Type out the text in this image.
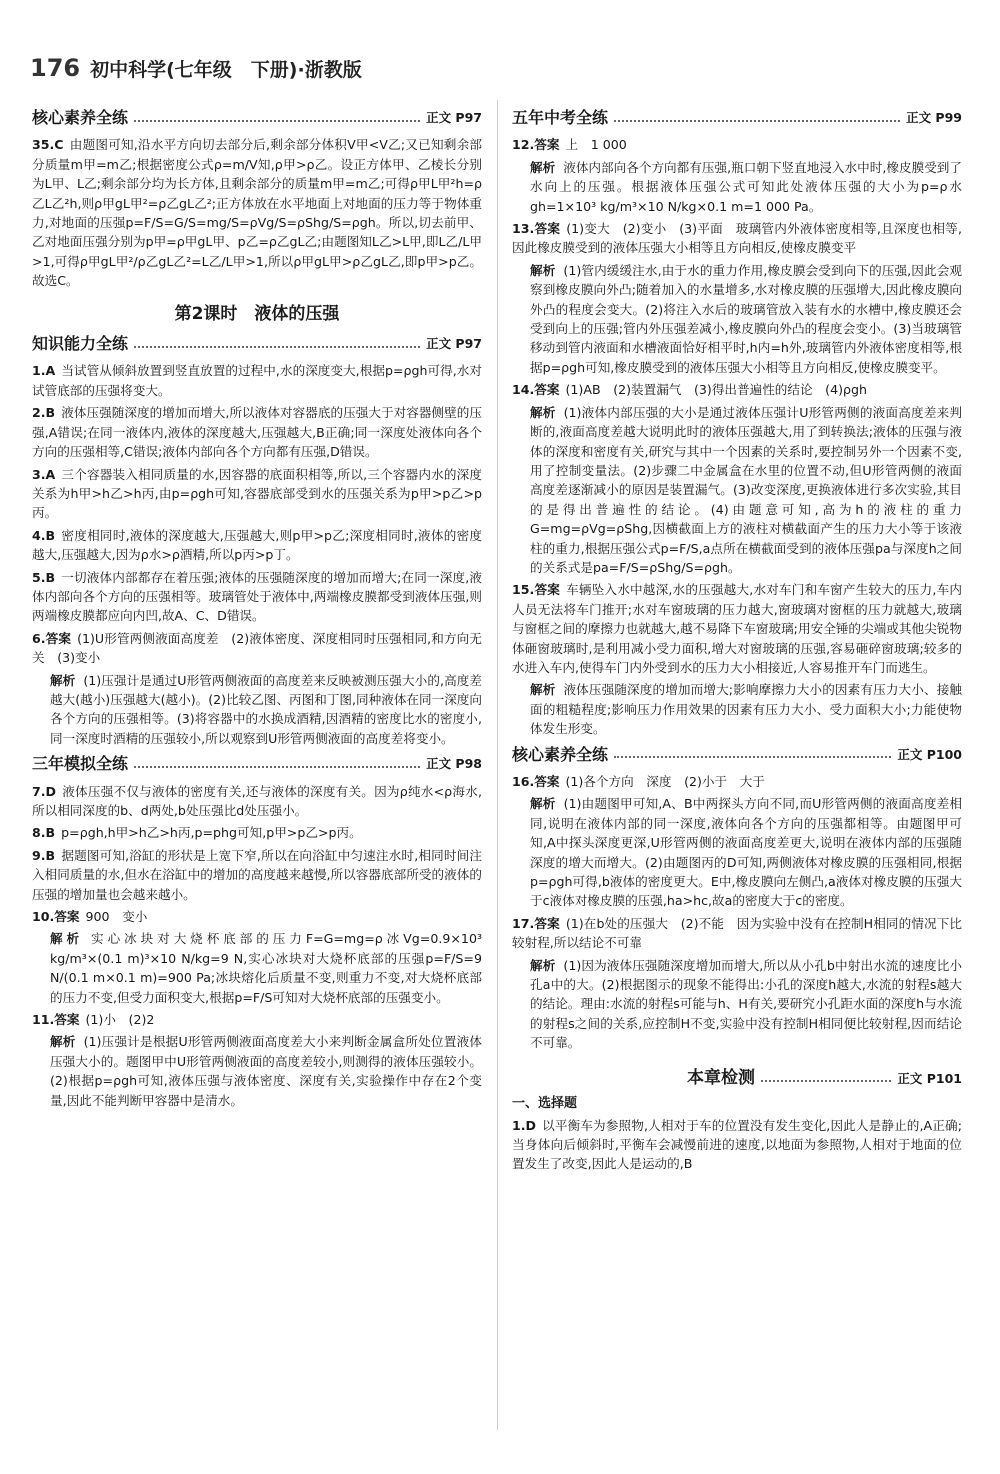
176 初中科学(七年级　下册)·浙教版
核心素养全练	正文 P97
35.C 由题图可知,沿水平方向切去部分后,剩余部分体积V甲<V乙;又已知剩余部分质量m甲=m乙;根据密度公式ρ=m/V知,ρ甲>ρ乙。设正方体甲、乙棱长分别为L甲、L乙;剩余部分均为长方体,且剩余部分的质量m甲=m乙;可得ρ甲L甲²h=ρ乙L乙²h,则ρ甲gL甲²=ρ乙gL乙²;正方体放在水平地面上对地面的压力等于物体重力,对地面的压强p=F/S=G/S=mg/S=ρVg/S=ρShg/S=ρgh。所以,切去前甲、乙对地面压强分别为p甲=ρ甲gL甲、p乙=ρ乙gL乙;由题图知L乙>L甲,即L乙/L甲>1,可得ρ甲gL甲²/ρ乙gL乙²=L乙/L甲>1,所以ρ甲gL甲>ρ乙gL乙,即p甲>p乙。故选C。
第2课时　液体的压强
知识能力全练	正文 P97
1.A 当试管从倾斜放置到竖直放置的过程中,水的深度变大,根据p=ρgh可得,水对试管底部的压强将变大。
2.B 液体压强随深度的增加而增大,所以液体对容器底的压强大于对容器侧壁的压强,A错误;在同一液体内,液体的深度越大,压强越大,B正确;同一深度处液体向各个方向的压强相等,C错误;液体内部向各个方向都有压强,D错误。
3.A 三个容器装入相同质量的水,因容器的底面积相等,所以,三个容器内水的深度关系为h甲>h乙>h丙,由p=ρgh可知,容器底部受到水的压强关系为p甲>p乙>p丙。
4.B 密度相同时,液体的深度越大,压强越大,则p甲>p乙;深度相同时,液体的密度越大,压强越大,因为ρ水>ρ酒精,所以p丙>p丁。
5.B 一切液体内部都存在着压强;液体的压强随深度的增加而增大;在同一深度,液体内部向各个方向的压强相等。玻璃管处于液体中,两端橡皮膜都受到液体压强,则两端橡皮膜都应向内凹,故A、C、D错误。
6.答案 (1)U形管两侧液面高度差　(2)液体密度、深度相同时压强相同,和方向无关　(3)变小
解析 (1)压强计是通过U形管两侧液面的高度差来反映被测压强大小的,高度差越大(越小)压强越大(越小)。(2)比较乙图、丙图和丁图,同种液体在同一深度向各个方向的压强相等。(3)将容器中的水换成酒精,因酒精的密度比水的密度小,同一深度时酒精的压强较小,所以观察到U形管两侧液面的高度差将变小。
三年模拟全练	正文 P98
7.D 液体压强不仅与液体的密度有关,还与液体的深度有关。因为ρ纯水<ρ海水,所以相同深度的b、d两处,b处压强比d处压强小。
8.B p=ρgh,h甲>h乙>h丙,p=phg可知,p甲>p乙>p丙。
9.B 据题图可知,浴缸的形状是上宽下窄,所以在向浴缸中匀速注水时,相同时间注入相同质量的水,但水在浴缸中的增加的高度越来越慢,所以容器底部所受的液体的压强的增加量也会越来越小。
10.答案 900　变小
解析 实心冰块对大烧杯底部的压力F=G=mg=ρ冰Vg=0.9×10³ kg/m³×(0.1 m)³×10 N/kg=9 N,实心冰块对大烧杯底部的压强p=F/S=9 N/(0.1 m×0.1 m)=900 Pa;冰块熔化后质量不变,则重力不变,对大烧杯底部的压力不变,但受力面积变大,根据p=F/S可知对大烧杯底部的压强变小。
11.答案 (1)小　(2)2
解析 (1)压强计是根据U形管两侧液面高度差大小来判断金属盒所处位置液体压强大小的。题图甲中U形管两侧液面的高度差较小,则测得的液体压强较小。(2)根据p=ρgh可知,液体压强与液体密度、深度有关,实验操作中存在2个变量,因此不能判断甲容器中是清水。
五年中考全练	正文 P99
12.答案 上　1 000
解析 液体内部向各个方向都有压强,瓶口朝下竖直地浸入水中时,橡皮膜受到了水向上的压强。根据液体压强公式可知此处液体压强的大小为p=ρ水gh=1×10³ kg/m³×10 N/kg×0.1 m=1 000 Pa。
13.答案 (1)变大　(2)变小　(3)平面　玻璃管内外液体密度相等,且深度也相等,因此橡皮膜受到的液体压强大小相等且方向相反,使橡皮膜变平
解析 (1)管内缓缓注水,由于水的重力作用,橡皮膜会受到向下的压强,因此会观察到橡皮膜向外凸;随着加入的水量增多,水对橡皮膜的压强增大,因此橡皮膜向外凸的程度会变大。(2)将注入水后的玻璃管放入装有水的水槽中,橡皮膜还会受到向上的压强;管内外压强差减小,橡皮膜向外凸的程度会变小。(3)当玻璃管移动到管内液面和水槽液面恰好相平时,h内=h外,玻璃管内外液体密度相等,根据p=ρgh可知,橡皮膜受到的液体压强大小相等且方向相反,使橡皮膜变平。
14.答案 (1)AB　(2)装置漏气　(3)得出普遍性的结论　(4)ρgh
解析 (1)液体内部压强的大小是通过液体压强计U形管两侧的液面高度差来判断的,液面高度差越大说明此时的液体压强越大,用了到转换法;液体的压强与液体的深度和密度有关,研究与其中一个因素的关系时,要控制另外一个因素不变,用了控制变量法。(2)步骤二中金属盒在水里的位置不动,但U形管两侧的液面高度差逐渐减小的原因是装置漏气。(3)改变深度,更换液体进行多次实验,其目的是得出普遍性的结论。(4)由题意可知,高为h的液柱的重力G=mg=ρVg=ρShg,因横截面上方的液柱对横截面产生的压力大小等于该液柱的重力,根据压强公式p=F/S,a点所在横截面受到的液体压强pa与深度h之间的关系式是pa=F/S=ρShg/S=ρgh。
15.答案 车辆坠入水中越深,水的压强越大,水对车门和车窗产生较大的压力,车内人员无法将车门推开;水对车窗玻璃的压力越大,窗玻璃对窗框的压力就越大,玻璃与窗框之间的摩擦力也就越大,越不易降下车窗玻璃;用安全锤的尖端或其他尖锐物体砸窗玻璃时,是利用减小受力面积,增大对窗玻璃的压强,容易砸碎窗玻璃;较多的水进入车内,使得车门内外受到水的压力大小相接近,人容易推开车门而逃生。
解析 液体压强随深度的增加而增大;影响摩擦力大小的因素有压力大小、接触面的粗糙程度;影响压力作用效果的因素有压力大小、受力面积大小;力能使物体发生形变。
核心素养全练	正文 P100
16.答案 (1)各个方向　深度　(2)小于　大于
解析 (1)由题图甲可知,A、B中两探头方向不同,而U形管两侧的液面高度差相同,说明在液体内部的同一深度,液体向各个方向的压强都相等。由题图甲可知,A中探头深度更深,U形管两侧的液面高度差更大,说明在液体内部的压强随深度的增大而增大。(2)由题图丙的D可知,两侧液体对橡皮膜的压强相同,根据p=ρgh可得,b液体的密度更大。E中,橡皮膜向左侧凸,a液体对橡皮膜的压强大于c液体对橡皮膜的压强,ha>hc,故a的密度大于c的密度。
17.答案 (1)在b处的压强大　(2)不能　因为实验中没有在控制H相同的情况下比较射程,所以结论不可靠
解析 (1)因为液体压强随深度增加而增大,所以从小孔b中射出水流的速度比小孔a中的大。(2)根据图示的现象不能得出:小孔的深度h越大,水流的射程s越大的结论。理由:水流的射程s可能与h、H有关,要研究小孔距水面的深度h与水流的射程s之间的关系,应控制H不变,实验中没有控制H相同便比较射程,因而结论不可靠。
本章检测	正文 P101
一、选择题
1.D 以平衡车为参照物,人相对于车的位置没有发生变化,因此人是静止的,A正确;当身体向后倾斜时,平衡车会减慢前进的速度,以地面为参照物,人相对于地面的位置发生了改变,因此人是运动的,B
